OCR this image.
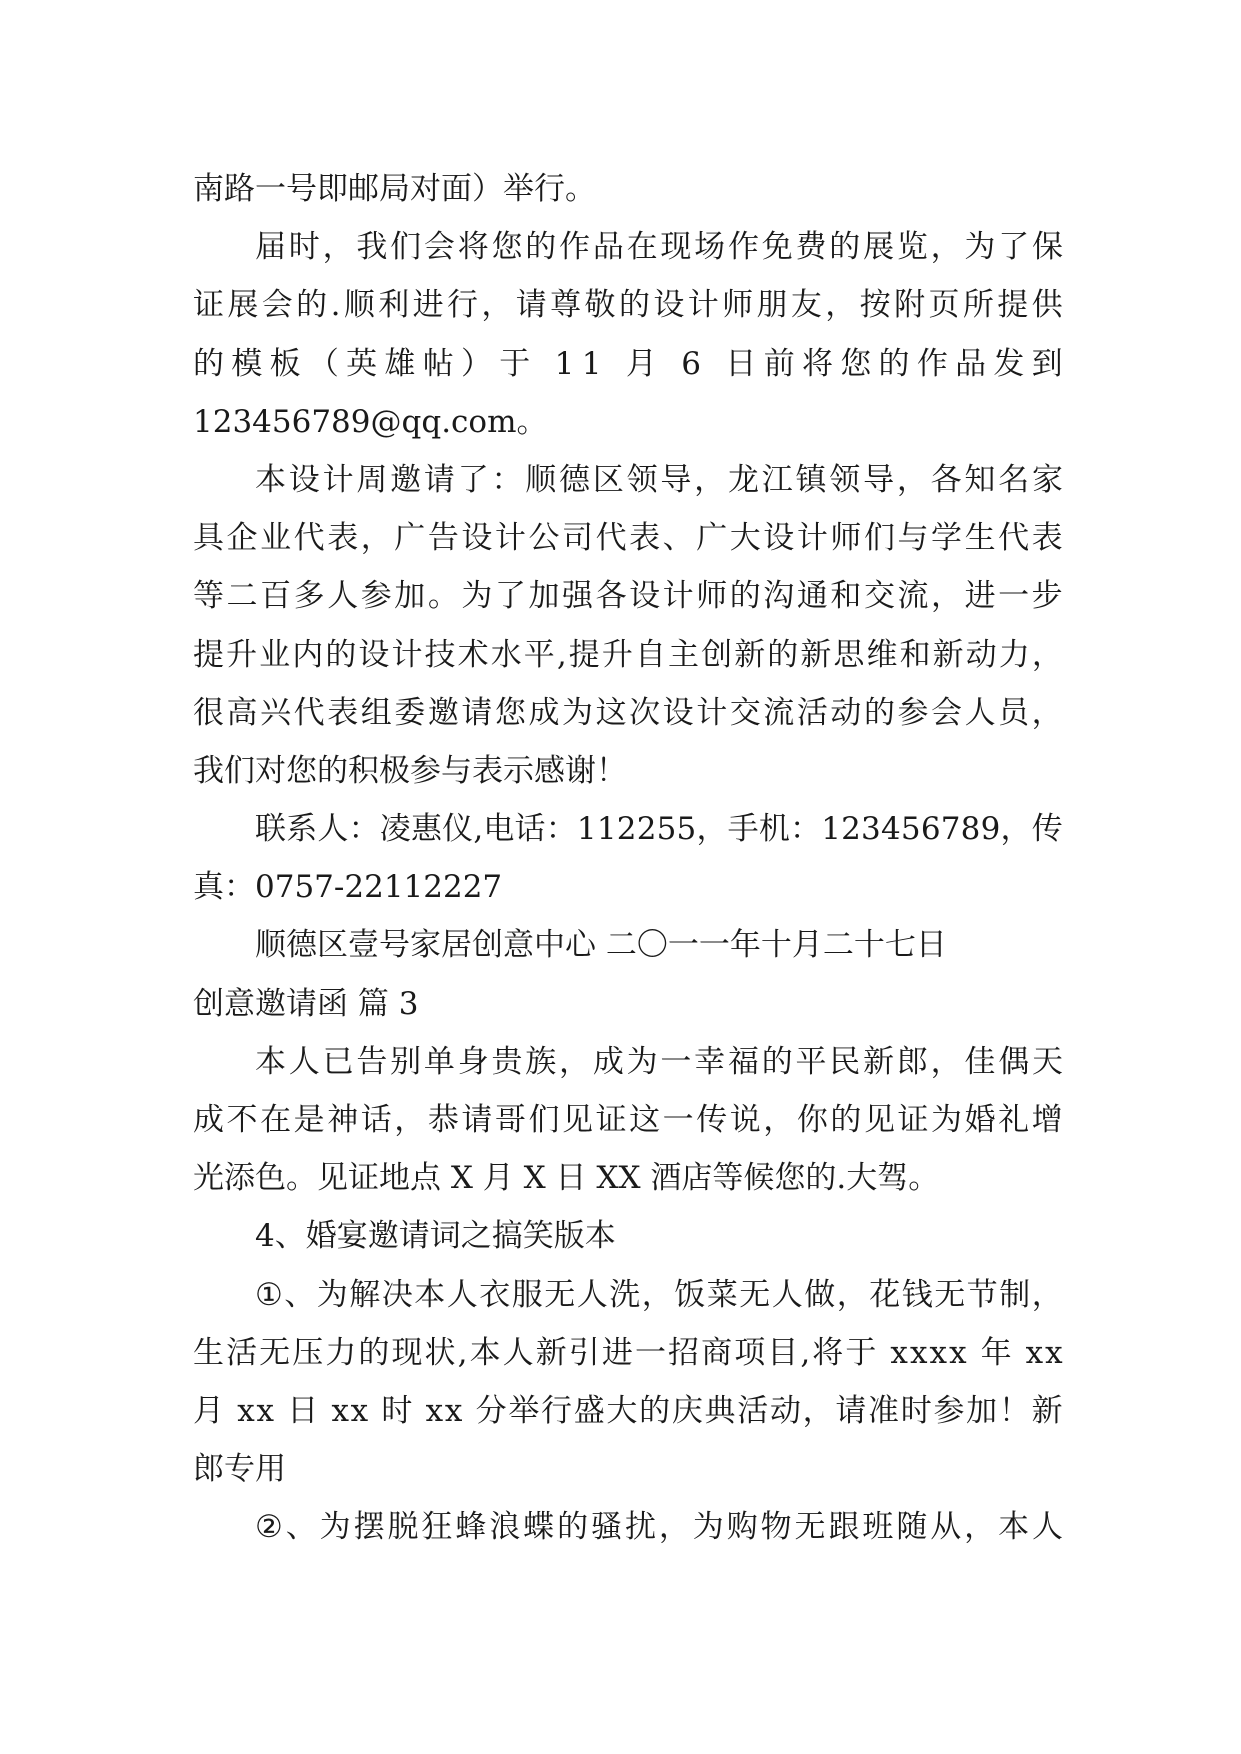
南路一号即邮局对面）举行。
届 时 ， 我 们 会 将 您 的 作 品 在 现 场 作 免 费 的 展 览 ， 为 了 保
证 展 会 的 . 顺 利 进 行 ， 请 尊 敬 的 设 计 师 朋 友 ， 按 附 页 所 提 供
的 模 板 （ 英 雄 帖 ） 于
1 1
月
6
日 前 将 您 的 作 品 发 到
123456789@qq.com。
本 设 计 周 邀 请 了 ： 顺 德 区 领 导 ， 龙 江 镇 领 导 ， 各 知 名 家
具 企 业 代 表 ， 广 告 设 计 公 司 代 表 、 广 大 设 计 师 们 与 学 生 代 表
等 二 百 多 人 参 加 。 为 了 加 强 各 设 计 师 的 沟 通 和 交 流 ， 进 一 步
提 升 业 内 的 设 计 技 术 水 平 , 提 升 自 主 创 新 的 新 思 维 和 新 动 力 ，
很 高 兴 代 表 组 委 邀 请 您 成 为 这 次 设 计 交 流 活 动 的 参 会 人 员 ，
我们对您的积极参与表示感谢！
联 系 人 ： 凌 惠 仪 , 电 话 ： 1 1 2 2 5 5 ， 手 机 ： 1 2 3 4 5 6 7 8 9 ， 传
真：0757-22112227
顺德区壹号家居创意中心 二〇一一年十月二十七日
创意邀请函 篇 3
本 人 已 告 别 单 身 贵 族 ， 成 为 一 幸 福 的 平 民 新 郎 ， 佳 偶 天
成 不 在 是 神 话 ， 恭 请 哥 们 见 证 这 一 传 说 ， 你 的 见 证 为 婚 礼 增
光添色。见证地点 X 月 X 日 XX 酒店等候您的.大驾。
4、婚宴邀请词之搞笑版本
① 、 为 解 决 本 人 衣 服 无 人 洗 ， 饭 菜 无 人 做 ， 花 钱 无 节 制 ，
生 活 无 压 力 的 现 状 , 本 人 新 引 进 一 招 商 项 目 , 将 于
x x x x
年
x x
月
x x
日
x x
时
x x
分 举 行 盛 大 的 庆 典 活 动 ， 请 准 时 参 加 ！ 新
郎专用
② 、 为 摆 脱 狂 蜂 浪 蝶 的 骚 扰 ， 为 购 物 无 跟 班 随 从 ， 本 人
